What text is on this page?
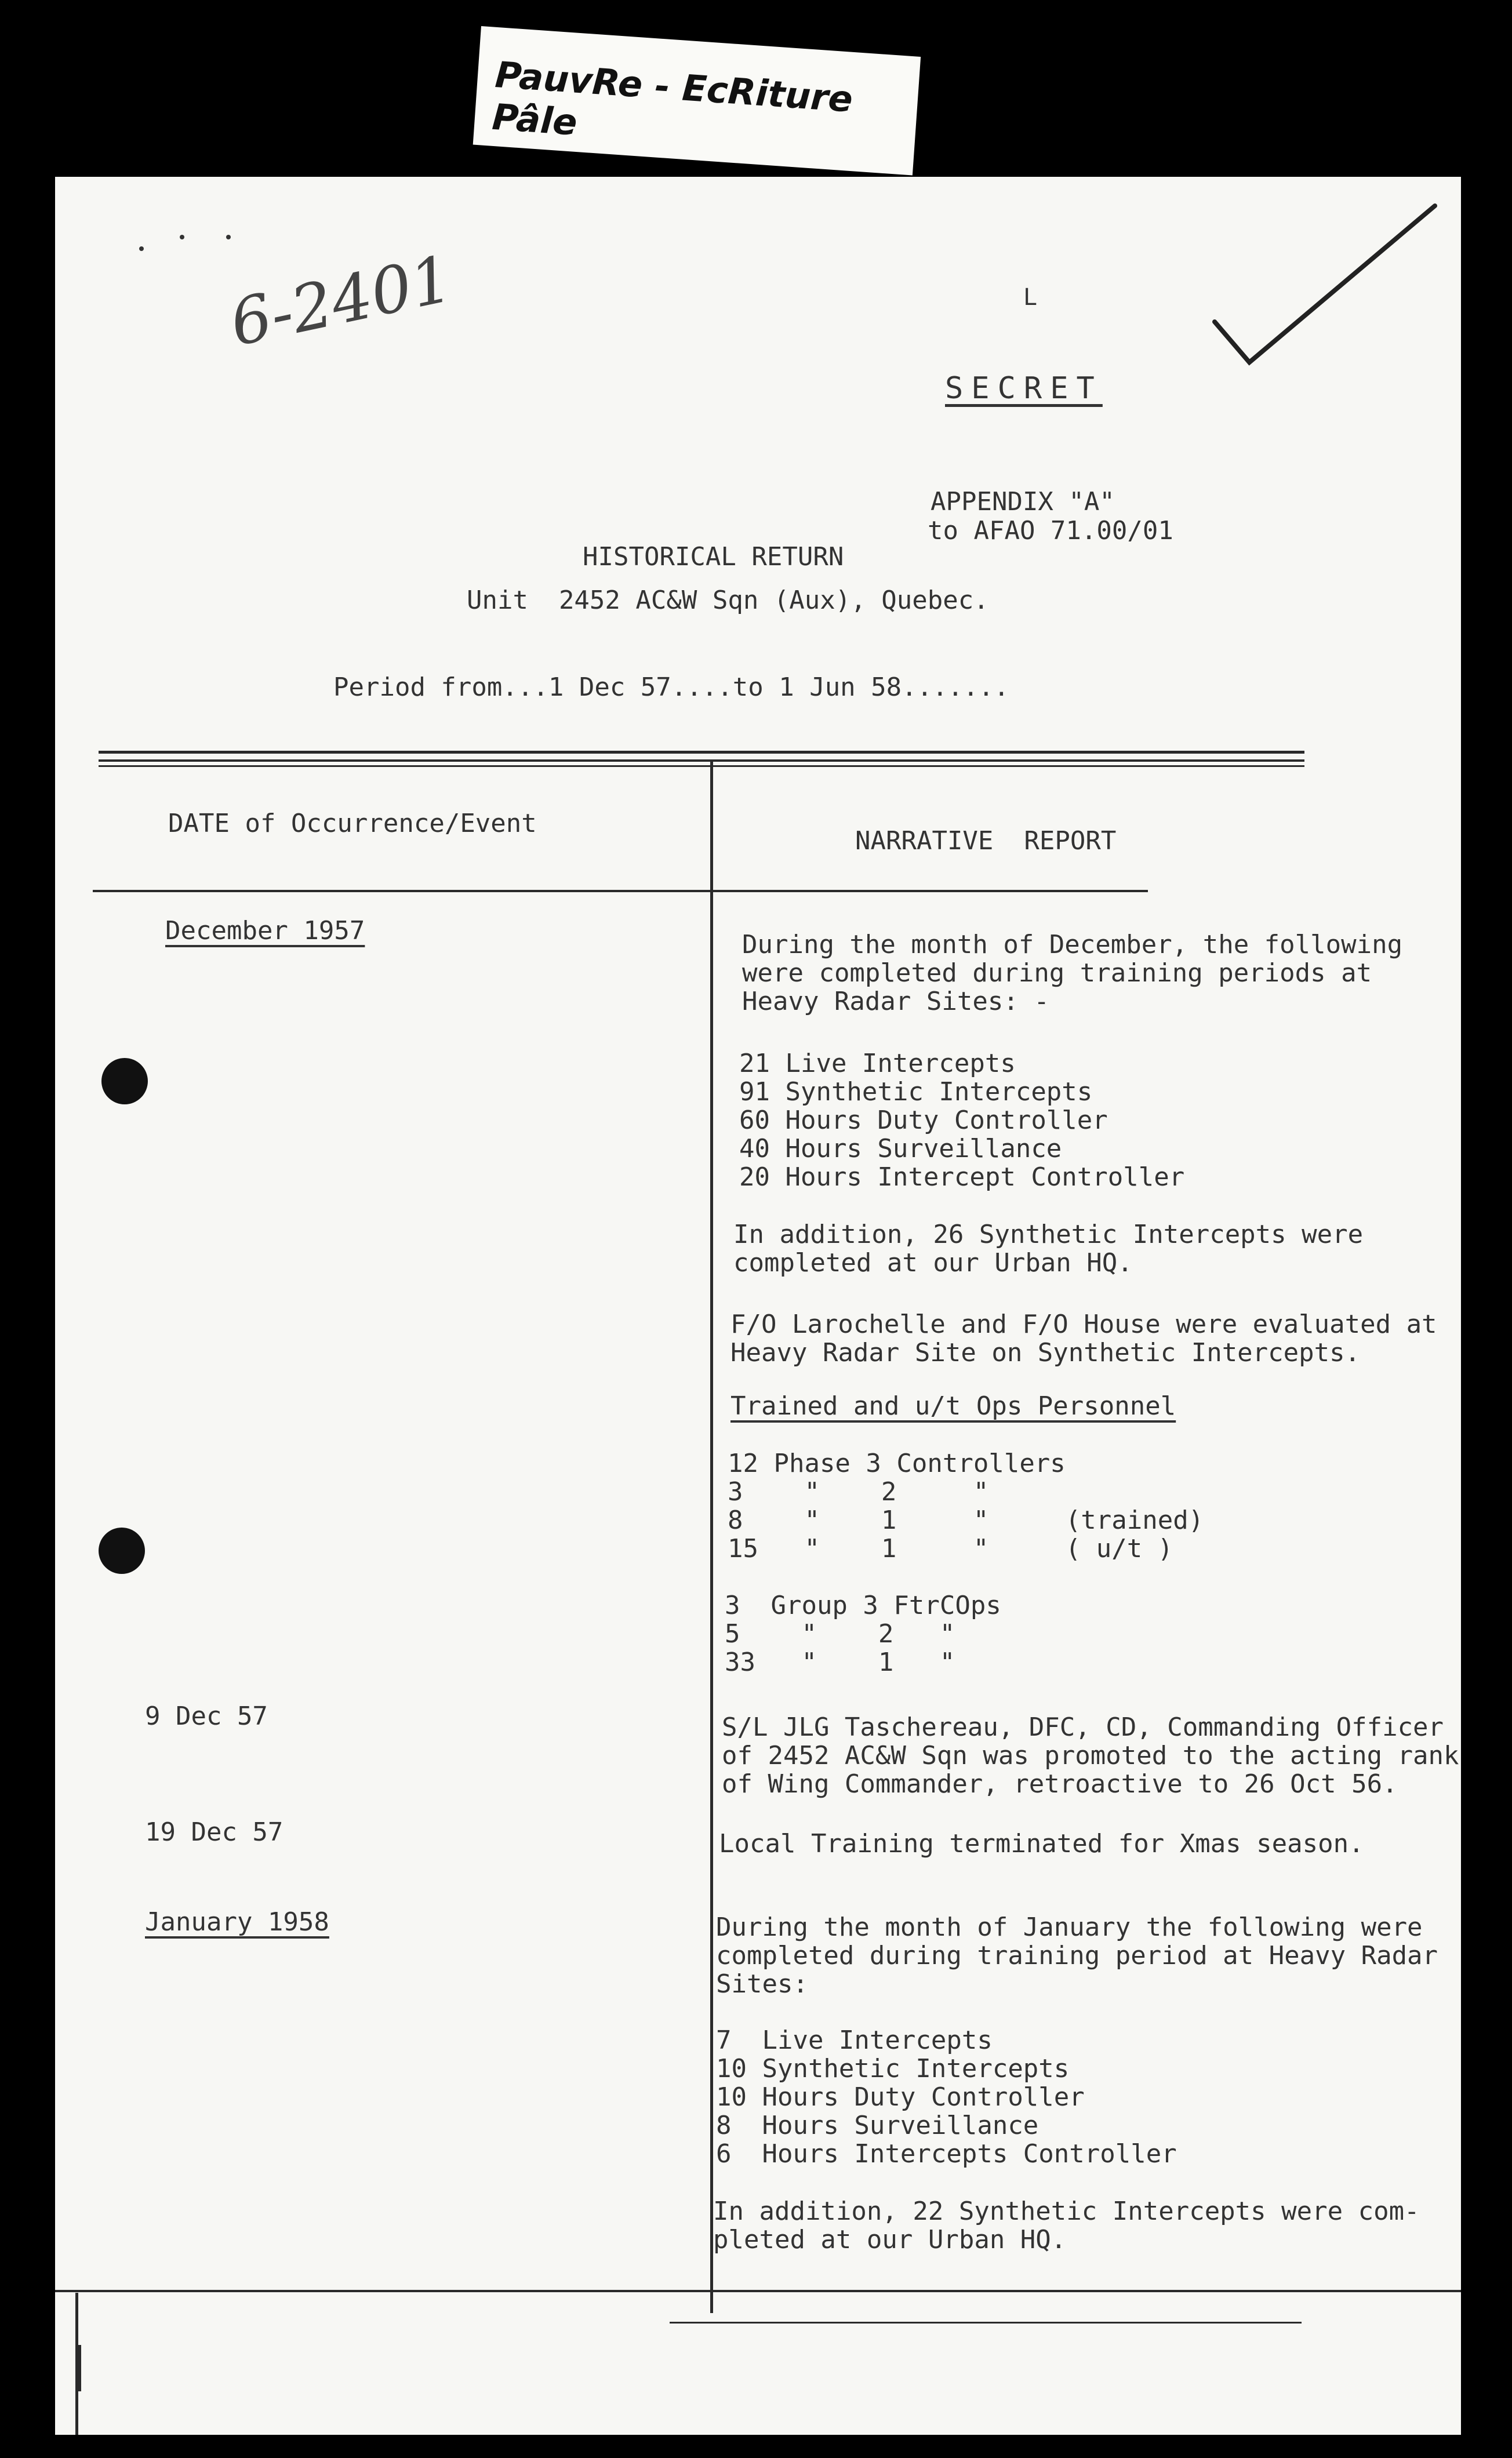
PauvRe - EcRiture Pâle
6-2401	L
SECRET
APPENDIX "A"
to AFAO 71.00/01
HISTORICAL RETURN
Unit  2452 AC&W Sqn (Aux), Quebec.
Period from...1 Dec 57....to 1 Jun 58.......
DATE of Occurrence/Event
NARRATIVE  REPORT
December 1957
9 Dec 57
19 Dec 57
January 1958
During the month of December, the following
were completed during training periods at
Heavy Radar Sites: -
21 Live Intercepts
91 Synthetic Intercepts
60 Hours Duty Controller
40 Hours Surveillance
20 Hours Intercept Controller
In addition, 26 Synthetic Intercepts were
completed at our Urban HQ.
F/O Larochelle and F/O House were evaluated at
Heavy Radar Site on Synthetic Intercepts.
Trained and u/t Ops Personnel
12 Phase 3 Controllers
3    "    2     "
8    "    1     "     (trained)
15   "    1     "     ( u/t )
3  Group 3 FtrCOps
5    "    2   "
33   "    1   "
S/L JLG Taschereau, DFC, CD, Commanding Officer
of 2452 AC&W Sqn was promoted to the acting rank
of Wing Commander, retroactive to 26 Oct 56.
Local Training terminated for Xmas season.
During the month of January the following were
completed during training period at Heavy Radar
Sites:
7  Live Intercepts
10 Synthetic Intercepts
10 Hours Duty Controller
8  Hours Surveillance
6  Hours Intercepts Controller
In addition, 22 Synthetic Intercepts were com-
pleted at our Urban HQ.
